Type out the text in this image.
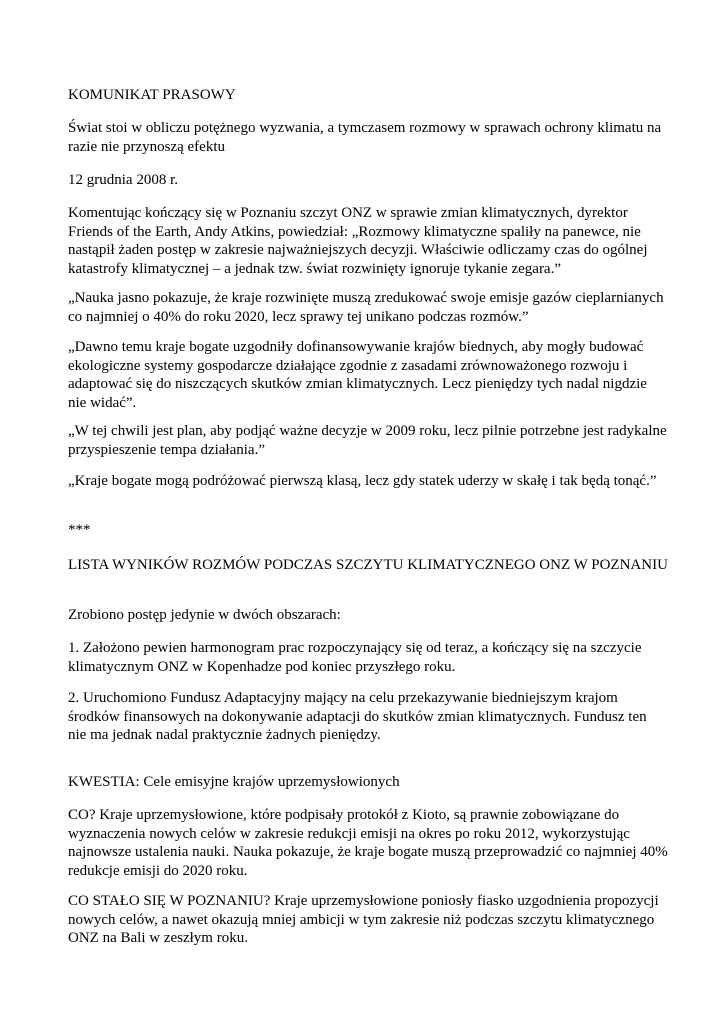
KOMUNIKAT PRASOWY

Świat stoi w obliczu potężnego wyzwania, a tymczasem rozmowy w sprawach ochrony klimatu na razie nie przynoszą efektu

12 grudnia 2008 r.

Komentując kończący się w Poznaniu szczyt ONZ w sprawie zmian klimatycznych, dyrektor Friends of the Earth, Andy Atkins, powiedział: „Rozmowy klimatyczne spaliły na panewce, nie nastąpił żaden postęp w zakresie najważniejszych decyzji. Właściwie odliczamy czas do ogólnej katastrofy klimatycznej – a jednak tzw. świat rozwinięty ignoruje tykanie zegara.”

„Nauka jasno pokazuje, że kraje rozwinięte muszą zredukować swoje emisje gazów cieplarnianych co najmniej o 40% do roku 2020, lecz sprawy tej unikano podczas rozmów.”

„Dawno temu kraje bogate uzgodniły dofinansowywanie krajów biednych, aby mogły budować ekologiczne systemy gospodarcze działające zgodnie z zasadami zrównoważonego rozwoju i adaptować się do niszczących skutków zmian klimatycznych. Lecz pieniędzy tych nadal nigdzie nie widać”.

„W tej chwili jest plan, aby podjąć ważne decyzje w 2009 roku, lecz pilnie potrzebne jest radykalne przyspieszenie tempa działania.”

„Kraje bogate mogą podróżować pierwszą klasą, lecz gdy statek uderzy w skałę i tak będą tonąć.”

***

LISTA WYNIKÓW ROZMÓW PODCZAS SZCZYTU KLIMATYCZNEGO ONZ W POZNANIU

Zrobiono postęp jedynie w dwóch obszarach:

1. Założono pewien harmonogram prac rozpoczynający się od teraz, a kończący się na szczycie klimatycznym ONZ w Kopenhadze pod koniec przyszłego roku.

2. Uruchomiono Fundusz Adaptacyjny mający na celu przekazywanie biedniejszym krajom środków finansowych na dokonywanie adaptacji do skutków zmian klimatycznych. Fundusz ten nie ma jednak nadal praktycznie żadnych pieniędzy.

KWESTIA: Cele emisyjne krajów uprzemysłowionych

CO? Kraje uprzemysłowione, które podpisały protokół z Kioto, są prawnie zobowiązane do wyznaczenia nowych celów w zakresie redukcji emisji na okres po roku 2012, wykorzystując najnowsze ustalenia nauki. Nauka pokazuje, że kraje bogate muszą przeprowadzić co najmniej 40% redukcje emisji do 2020 roku.

CO STAŁO SIĘ W POZNANIU? Kraje uprzemysłowione poniosły fiasko uzgodnienia propozycji nowych celów, a nawet okazują mniej ambicji w tym zakresie niż podczas szczytu klimatycznego ONZ na Bali w zeszłym roku.
